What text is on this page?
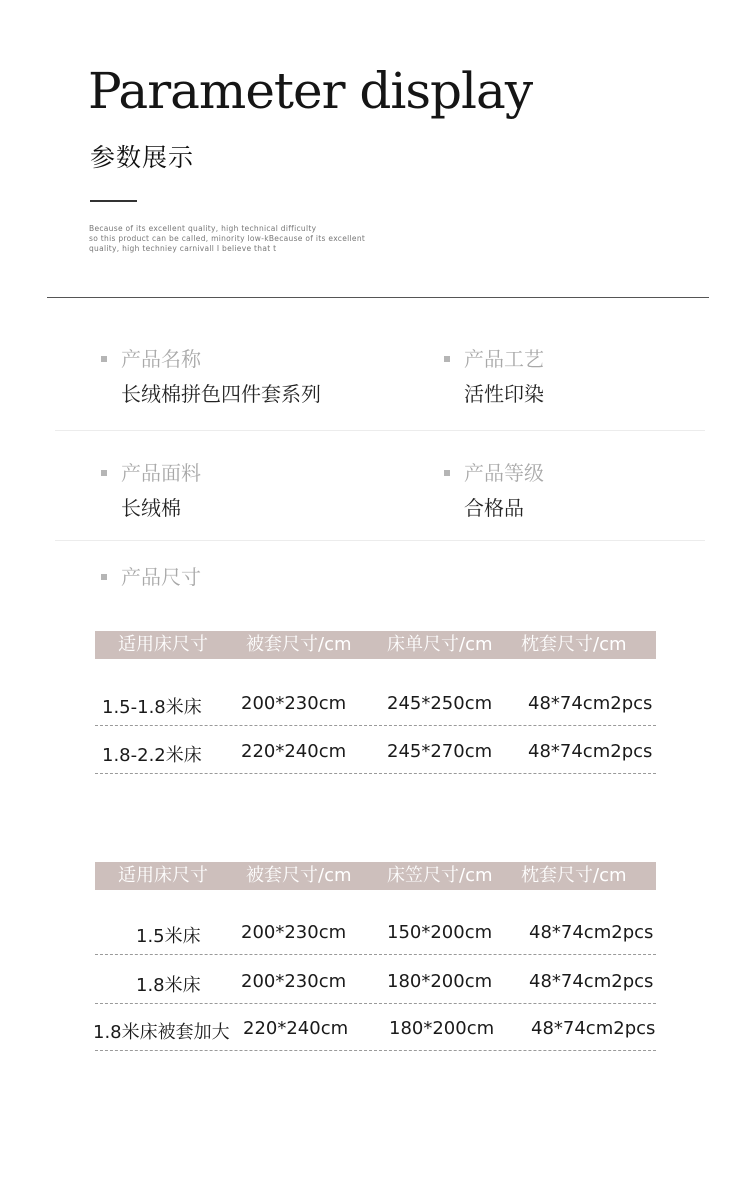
Parameter display
参数展示
Because of its excellent quality, high technical difficulty
so this product can be called, minority low-kBecause of its excellent
quality, high techniey carnivall I believe that t
产品名称
长绒棉拼色四件套系列
产品工艺
活性印染
产品面料
长绒棉
产品等级
合格品
产品尺寸
适用床尺寸 被套尺寸/cm 床单尺寸/cm 枕套尺寸/cm
1.5-1.8米床 200*230cm 245*250cm 48*74cm2pcs
1.8-2.2米床 220*240cm 245*270cm 48*74cm2pcs
适用床尺寸 被套尺寸/cm 床笠尺寸/cm 枕套尺寸/cm
1.5米床 200*230cm 150*200cm 48*74cm2pcs
1.8米床 200*230cm 180*200cm 48*74cm2pcs
1.8米床被套加大 220*240cm 180*200cm 48*74cm2pcs
